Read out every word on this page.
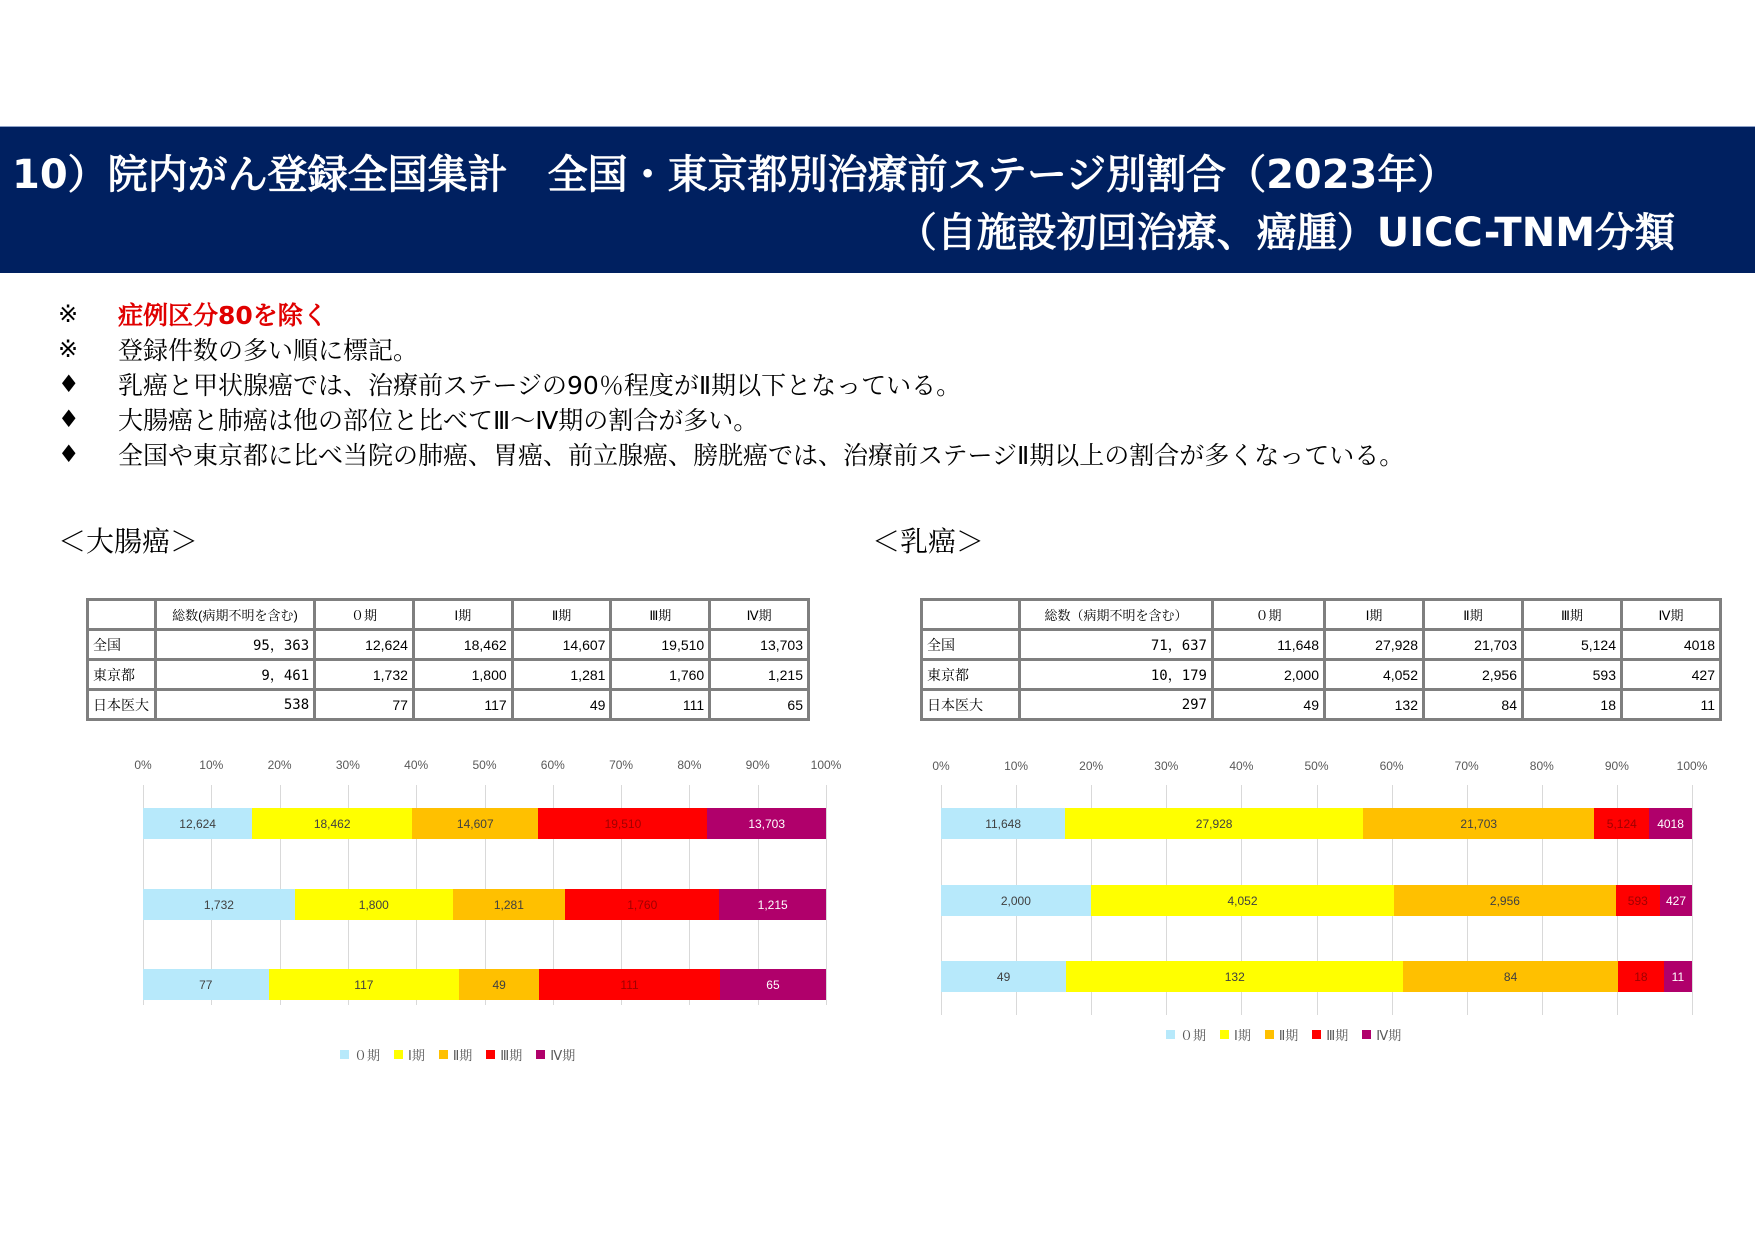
10）院内がん登録全国集計　全国・東京都別治療前ステージ別割合（2023年）
（自施設初回治療、癌腫）UICC-TNM分類
※	症例区分80を除く
※	登録件数の多い順に標記。
♦	乳癌と甲状腺癌では、治療前ステージの90％程度がⅡ期以下となっている。
♦	大腸癌と肺癌は他の部位と比べてⅢ～Ⅳ期の割合が多い。
♦	全国や東京都に比べ当院の肺癌、胃癌、前立腺癌、膀胱癌では、治療前ステージⅡ期以上の割合が多くなっている。
＜大腸癌＞	＜乳癌＞
	総数(病期不明を含む)	０期	Ⅰ期	Ⅱ期	Ⅲ期	Ⅳ期
全国	95，363	12,624	18,462	14,607	19,510	13,703
東京都	9，461	1,732	1,800	1,281	1,760	1,215
日本医大	538	77	117	49	111	65
	総数（病期不明を含む）	０期	Ⅰ期	Ⅱ期	Ⅲ期	Ⅳ期
全国	71，637	11,648	27,928	21,703	5,124	4018
東京都	10，179	2,000	4,052	2,956	593	427
日本医大	297	49	132	84	18	11
0%	10%	20%	30%	40%	50%	60%	70%	80%	90%	100%
12,624	18,462	14,607	19,510	13,703
1,732	1,800	1,281	1,760	1,215
77	117	49	111	65
０期 Ⅰ期 Ⅱ期 Ⅲ期 Ⅳ期
0%	10%	20%	30%	40%	50%	60%	70%	80%	90%	100%
11,648	27,928	21,703	5,124	4018
2,000	4,052	2,956	593	427
49	132	84	18	11
０期 Ⅰ期 Ⅱ期 Ⅲ期 Ⅳ期
